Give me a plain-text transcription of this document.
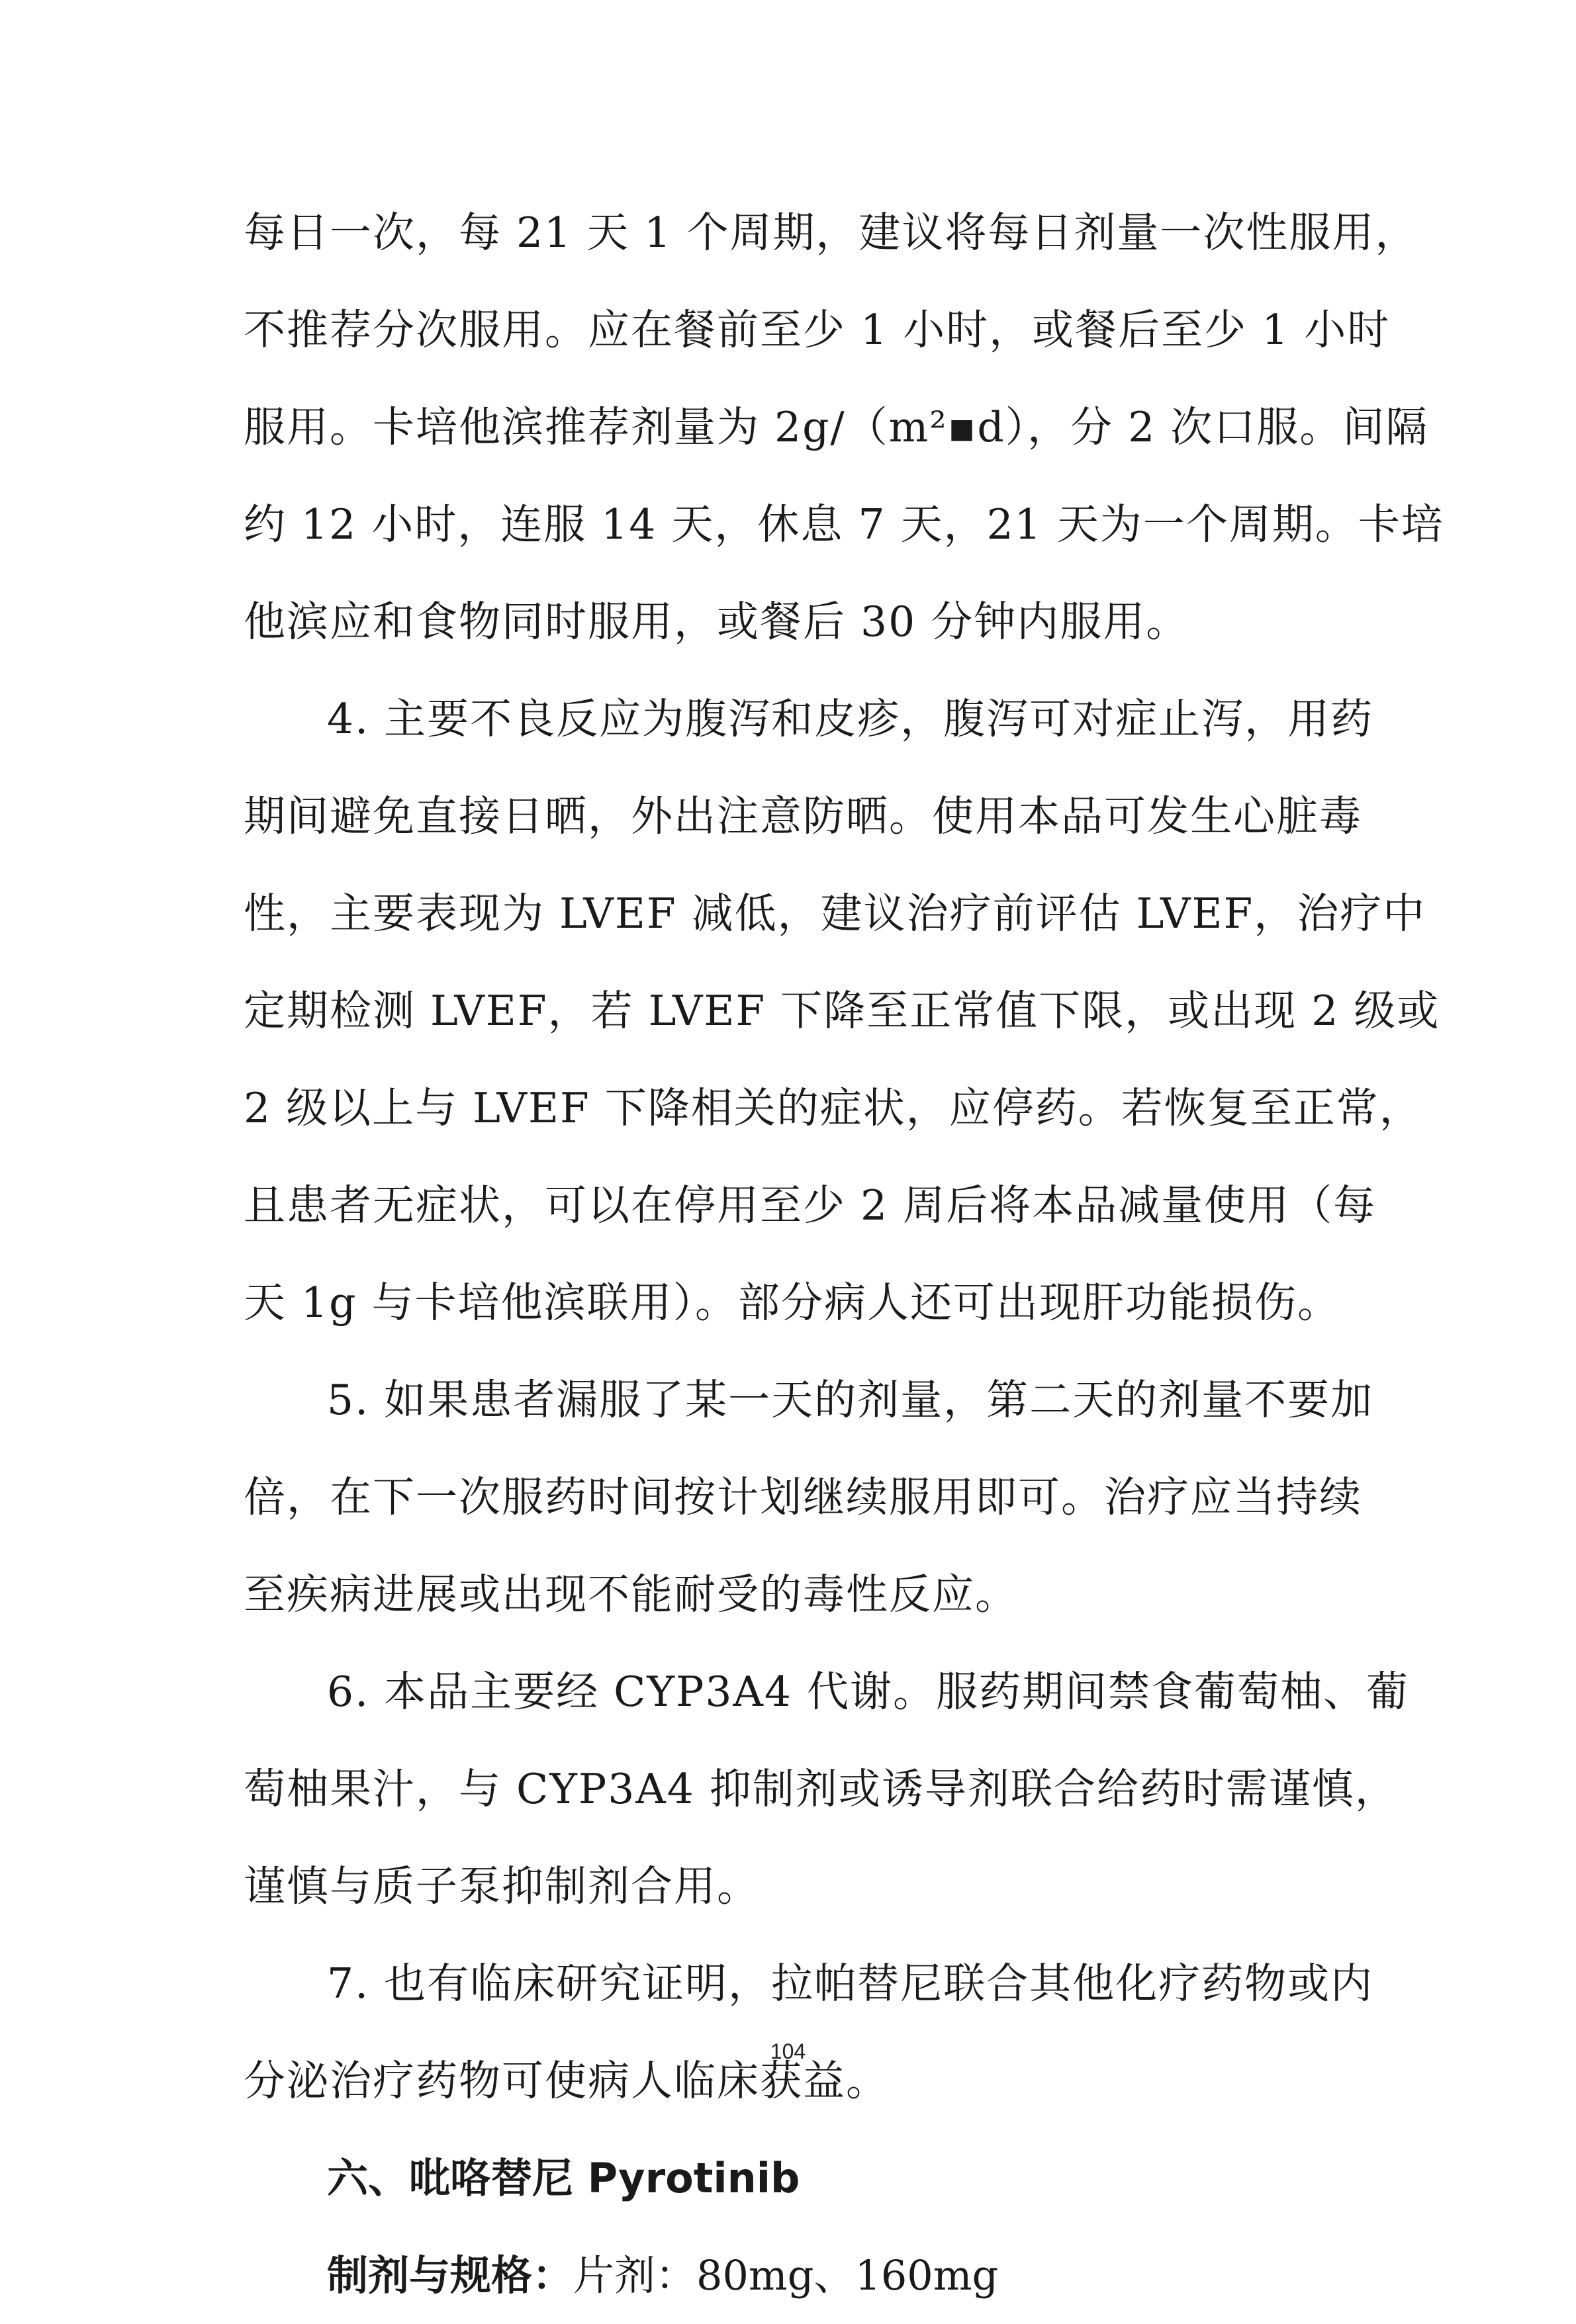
每日一次，每 21 天 1 个周期，建议将每日剂量一次性服用，
不推荐分次服用。应在餐前至少 1 小时，或餐后至少 1 小时
服用。卡培他滨推荐剂量为 2g/（m²▪d），分 2 次口服。间隔
约 12 小时，连服 14 天，休息 7 天，21 天为一个周期。卡培
他滨应和食物同时服用，或餐后 30 分钟内服用。
4. 主要不良反应为腹泻和皮疹，腹泻可对症止泻，用药
期间避免直接日晒，外出注意防晒。使用本品可发生心脏毒
性，主要表现为 LVEF 减低，建议治疗前评估 LVEF，治疗中
定期检测 LVEF，若 LVEF 下降至正常值下限，或出现 2 级或
2 级以上与 LVEF 下降相关的症状，应停药。若恢复至正常，
且患者无症状，可以在停用至少 2 周后将本品减量使用（每
天 1g 与卡培他滨联用）。部分病人还可出现肝功能损伤。
5. 如果患者漏服了某一天的剂量，第二天的剂量不要加
倍，在下一次服药时间按计划继续服用即可。治疗应当持续
至疾病进展或出现不能耐受的毒性反应。
6. 本品主要经 CYP3A4 代谢。服药期间禁食葡萄柚、葡
萄柚果汁，与 CYP3A4 抑制剂或诱导剂联合给药时需谨慎，
谨慎与质子泵抑制剂合用。
7. 也有临床研究证明，拉帕替尼联合其他化疗药物或内
分泌治疗药物可使病人临床获益。
六、吡咯替尼 Pyrotinib
制剂与规格：片剂：80mg、160mg
104
